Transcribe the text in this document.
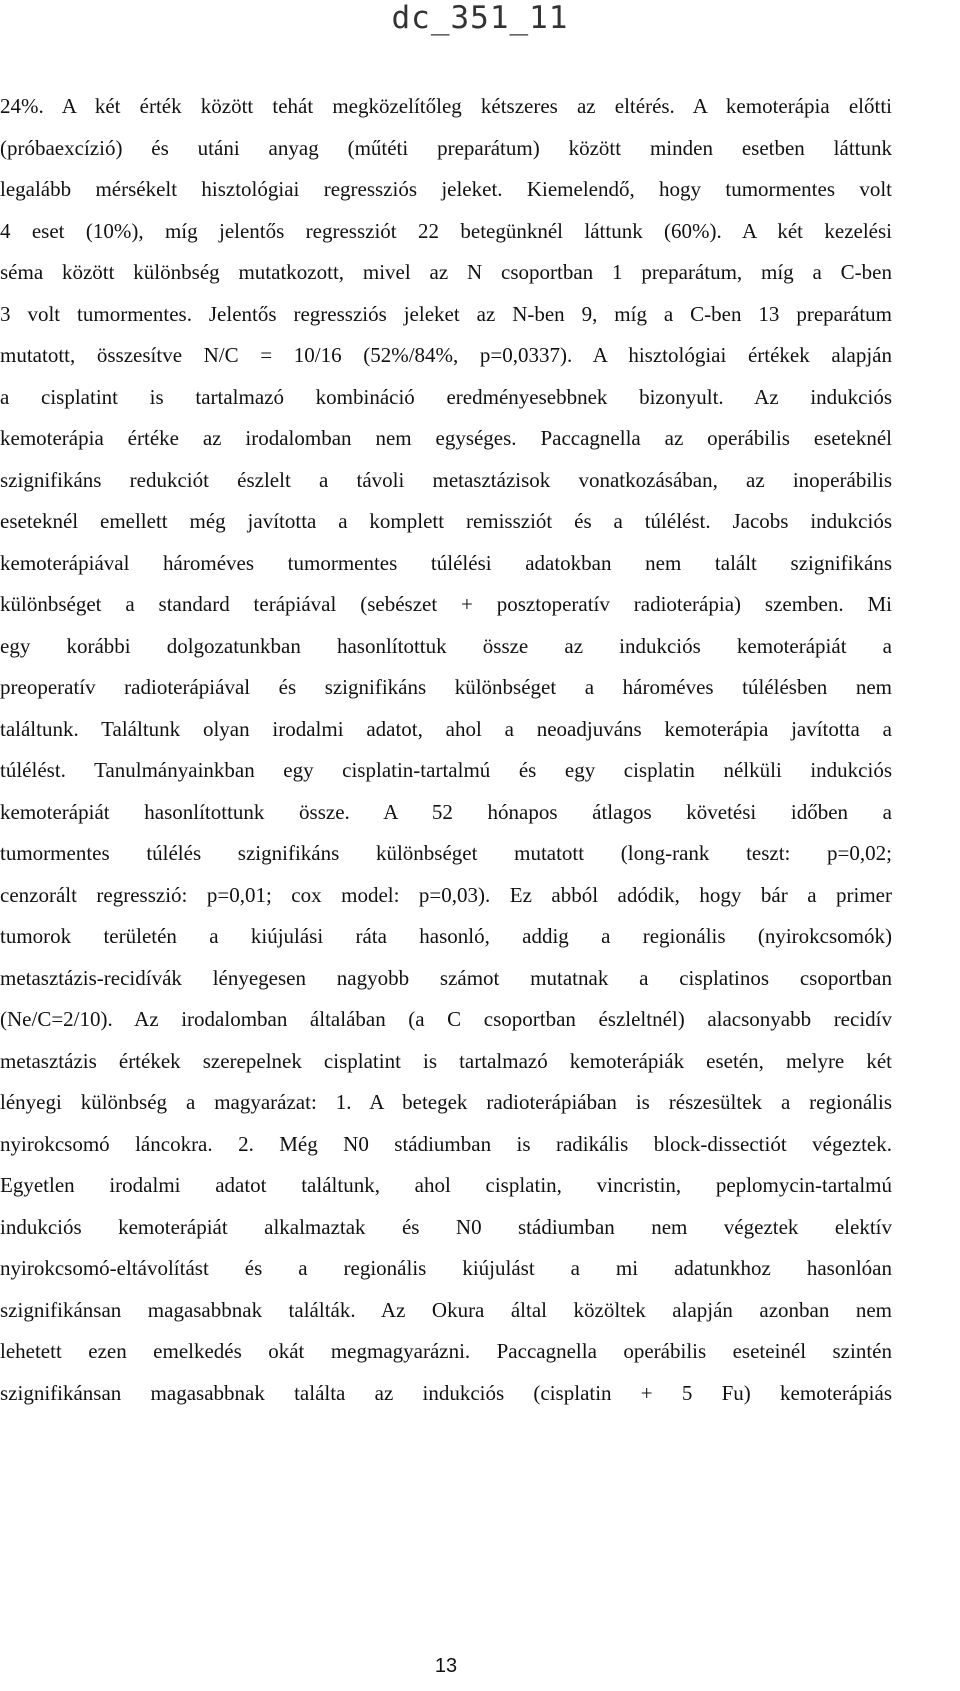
dc_351_11
24%. A két érték között tehát megközelítőleg kétszeres az eltérés. A kemoterápia előtti
(próbaexcízió) és utáni anyag (műtéti preparátum) között minden esetben láttunk
legalább mérsékelt hisztológiai regressziós jeleket. Kiemelendő, hogy tumormentes volt
4 eset (10%), míg jelentős regressziót 22 betegünknél láttunk (60%). A két kezelési
séma között különbség mutatkozott, mivel az N csoportban 1 preparátum, míg a C-ben
3 volt tumormentes. Jelentős regressziós jeleket az N-ben 9, míg a C-ben 13 preparátum
mutatott, összesítve N/C = 10/16 (52%/84%, p=0,0337). A hisztológiai értékek alapján
a cisplatint is tartalmazó kombináció eredményesebbnek bizonyult. Az indukciós
kemoterápia értéke az irodalomban nem egységes. Paccagnella az operábilis eseteknél
szignifikáns redukciót észlelt a távoli metasztázisok vonatkozásában, az inoperábilis
eseteknél emellett még javította a komplett remissziót és a túlélést. Jacobs indukciós
kemoterápiával hároméves tumormentes túlélési adatokban nem talált szignifikáns
különbséget a standard terápiával (sebészet + posztoperatív radioterápia) szemben. Mi
egy korábbi dolgozatunkban hasonlítottuk össze az indukciós kemoterápiát a
preoperatív radioterápiával és szignifikáns különbséget a hároméves túlélésben nem
találtunk. Találtunk olyan irodalmi adatot, ahol a neoadjuváns kemoterápia javította a
túlélést. Tanulmányainkban egy cisplatin-tartalmú és egy cisplatin nélküli indukciós
kemoterápiát hasonlítottunk össze. A 52 hónapos átlagos követési időben a
tumormentes túlélés szignifikáns különbséget mutatott (long-rank teszt: p=0,02;
cenzorált regresszió: p=0,01; cox model: p=0,03). Ez abból adódik, hogy bár a primer
tumorok területén a kiújulási ráta hasonló, addig a regionális (nyirokcsomók)
metasztázis-recidívák lényegesen nagyobb számot mutatnak a cisplatinos csoportban
(Ne/C=2/10). Az irodalomban általában (a C csoportban észleltnél) alacsonyabb recidív
metasztázis értékek szerepelnek cisplatint is tartalmazó kemoterápiák esetén, melyre két
lényegi különbség a magyarázat: 1. A betegek radioterápiában is részesültek a regionális
nyirokcsomó láncokra. 2. Még N0 stádiumban is radikális block-dissectiót végeztek.
Egyetlen irodalmi adatot találtunk, ahol cisplatin, vincristin, peplomycin-tartalmú
indukciós kemoterápiát alkalmaztak és N0 stádiumban nem végeztek elektív
nyirokcsomó-eltávolítást és a regionális kiújulást a mi adatunkhoz hasonlóan
szignifikánsan magasabbnak találták. Az Okura által közöltek alapján azonban nem
lehetett ezen emelkedés okát megmagyarázni. Paccagnella operábilis eseteinél szintén
szignifikánsan magasabbnak találta az indukciós (cisplatin + 5 Fu) kemoterápiás
13
